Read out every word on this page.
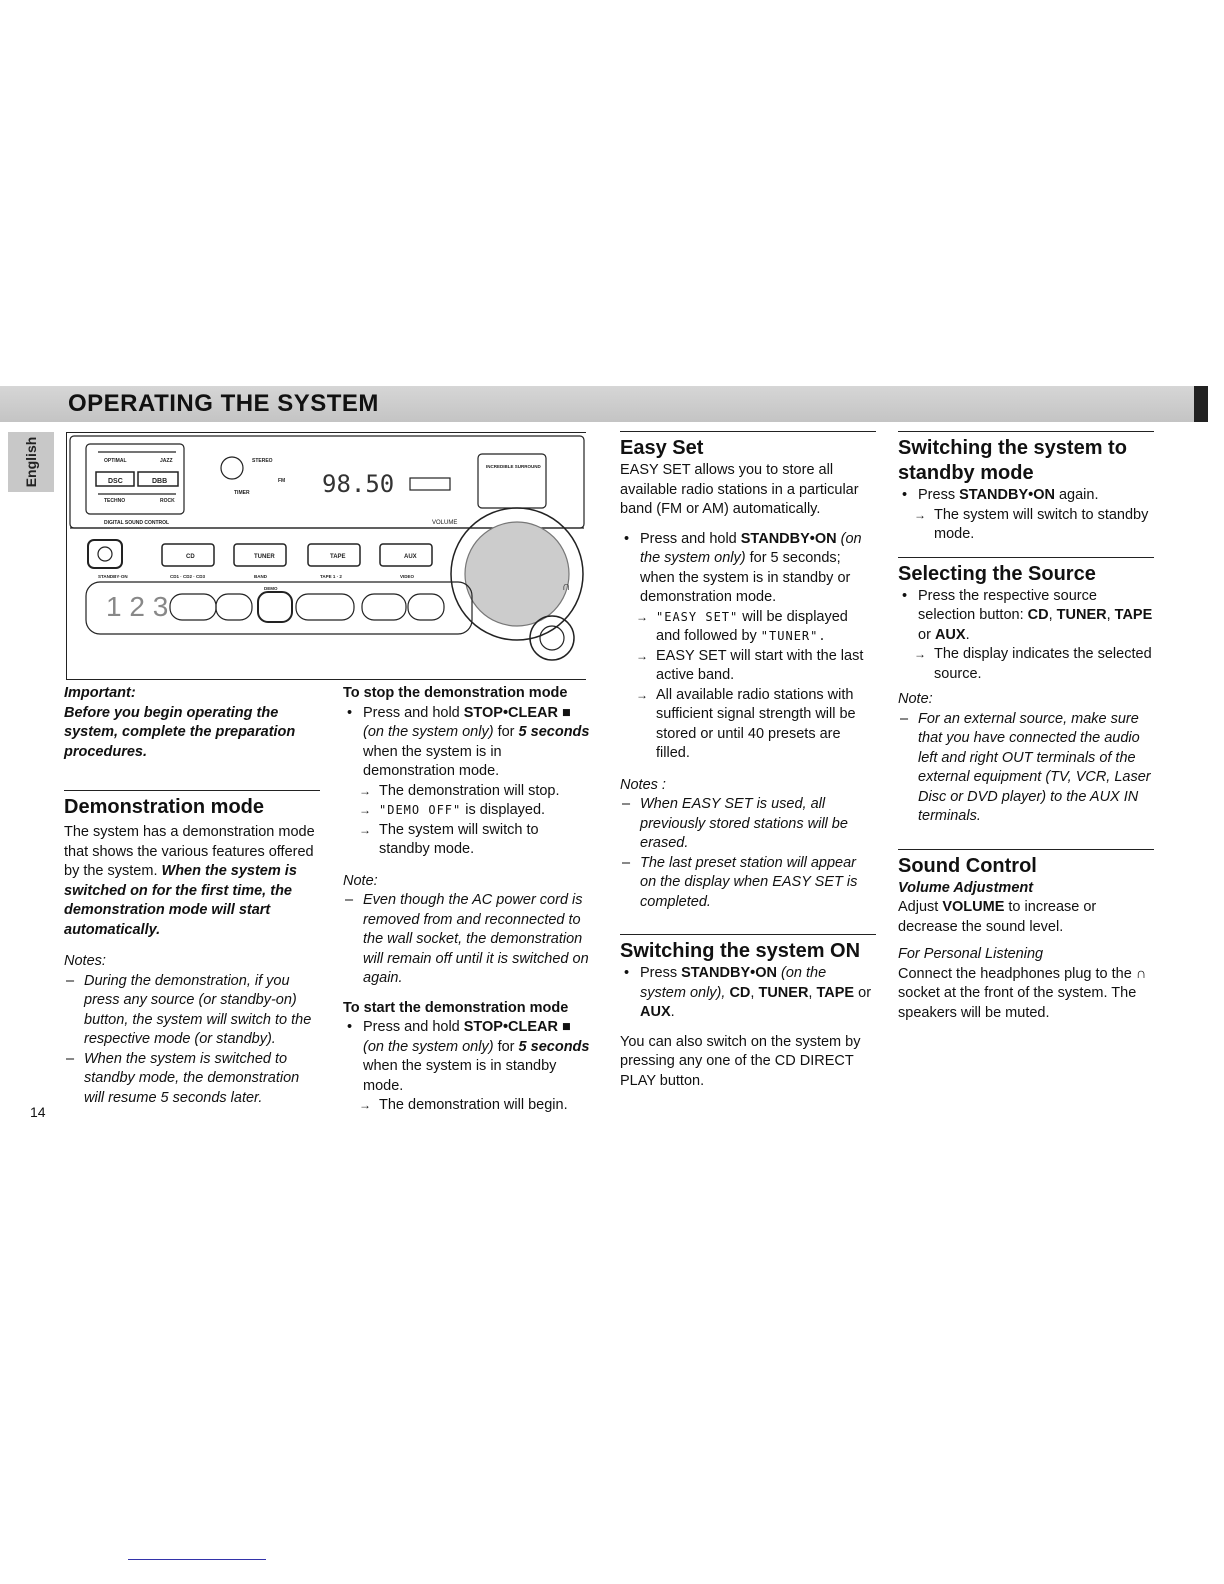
OPERATING THE SYSTEM
English
1 2 3
OPTIMAL	JAZZ
DSC	DBB
TECHNO	ROCK
DIGITAL SOUND CONTROL
STEREO
FM
TIMER	98.50
INCREDIBLE SURROUND
VOLUME
CD	TUNER	TAPE	AUX
STANDBY·ON	CD1 · CD2 · CD3	BAND	TAPE 1 · 2	VIDEO
DEMO	∩

Important:

Before you begin operating the system, complete the preparation procedures.

Demonstration mode

The system has a demonstration mode that shows the various features offered by the system. When the system is switched on for the first time, the demonstration mode will start automatically.

Notes:

– During the demonstration, if you press any source (or standby-on) button, the system will switch to the respective mode (or standby).

– When the system is switched to standby mode, the demonstration will resume 5 seconds later.

To stop the demonstration mode

• Press and hold STOP•CLEAR ■ (on the system only) for 5 seconds when the system is in demonstration mode.

→ The demonstration will stop.

→ "DEMO OFF" is displayed.

→ The system will switch to standby mode.

Note:

– Even though the AC power cord is removed from and reconnected to the wall socket, the demonstration will remain off until it is switched on again.

To start the demonstration mode

• Press and hold STOP•CLEAR ■ (on the system only) for 5 seconds when the system is in standby mode.

→ The demonstration will begin.

Easy Set

EASY SET allows you to store all available radio stations in a particular band (FM or AM) automatically.

• Press and hold STANDBY•ON (on the system only) for 5 seconds; when the system is in standby or demonstration mode.

→ "EASY SET" will be displayed and followed by "TUNER".

→ EASY SET will start with the last active band.

→ All available radio stations with sufficient signal strength will be stored or until 40 presets are filled.

Notes :

– When EASY SET is used, all previously stored stations will be erased.

– The last preset station will appear on the display when EASY SET is completed.

Switching the system ON

• Press STANDBY•ON (on the system only), CD, TUNER, TAPE or AUX.

You can also switch on the system by pressing any one of the CD DIRECT PLAY button.

Switching the system to standby mode

• Press STANDBY•ON again.

→ The system will switch to standby mode.

Selecting the Source

• Press the respective source selection button: CD, TUNER, TAPE or AUX.

→ The display indicates the selected source.

Note:

– For an external source, make sure that you have connected the audio left and right OUT terminals of the external equipment (TV, VCR, Laser Disc or DVD player) to the AUX IN terminals.

Sound Control

Volume Adjustment

Adjust VOLUME to increase or decrease the sound level.

For Personal Listening

Connect the headphones plug to the ∩ socket at the front of the system. The speakers will be muted.

14
